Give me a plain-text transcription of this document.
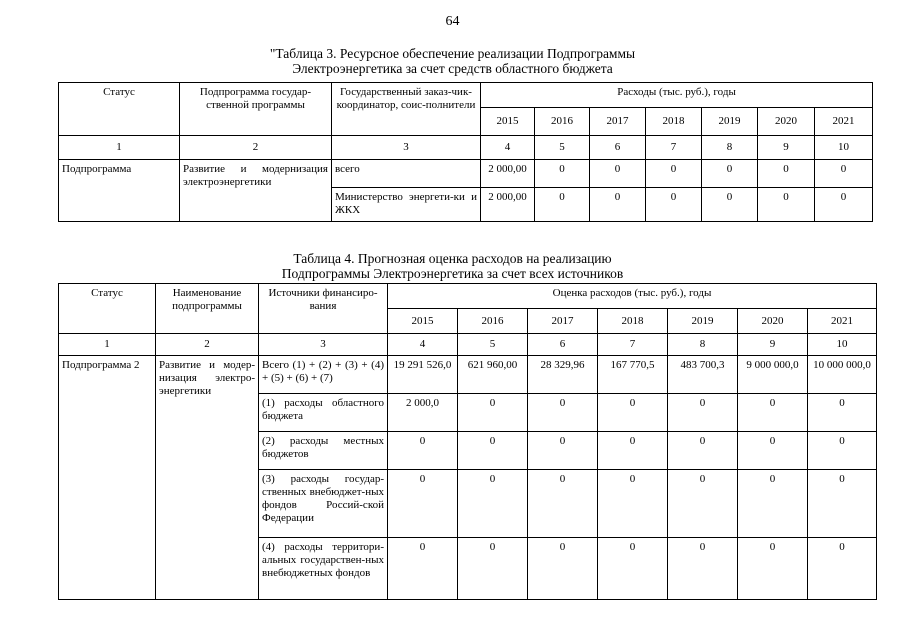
64
"Таблица 3. Ресурсное обеспечение реализации Подпрограммы
Электроэнергетика за счет средств областного бюджета
Статус	Подпрограмма государ-ственной программы	Государственный заказ-чик-координатор, соис-полнители	Расходы (тыс. руб.), годы						
			2015	2016	2017	2018	2019	2020	2021
1	2	3	4	5	6	7	8	9	10
Подпрограмма	Развитие и модернизация электроэнергетики	всего	2 000,00	0	0	0	0	0	0
		Министерство энергети-ки и ЖКХ	2 000,00	0	0	0	0	0	0
Таблица 4. Прогнозная оценка расходов на реализацию
Подпрограммы Электроэнергетика за счет всех источников
Статус	Наименование подпрограммы	Источники финансиро-вания	Оценка расходов (тыс. руб.), годы						
			2015	2016	2017	2018	2019	2020	2021
1	2	3	4	5	6	7	8	9	10
Подпрограмма 2	Развитие и модер-низация электро-энергетики	Всего (1) + (2) + (3) + (4) + (5) + (6) + (7)	19 291 526,0	621 960,00	28 329,96	167 770,5	483 700,3	9 000 000,0	10 000 000,0
		(1) расходы областного бюджета	2 000,0	0	0	0	0	0	0
		(2) расходы местных бюджетов	0	0	0	0	0	0	0
		(3) расходы государ-ственных внебюджет-ных фондов Россий-ской Федерации	0	0	0	0	0	0	0
		(4) расходы территори-альных государствен-ных внебюджетных фондов	0	0	0	0	0	0	0
